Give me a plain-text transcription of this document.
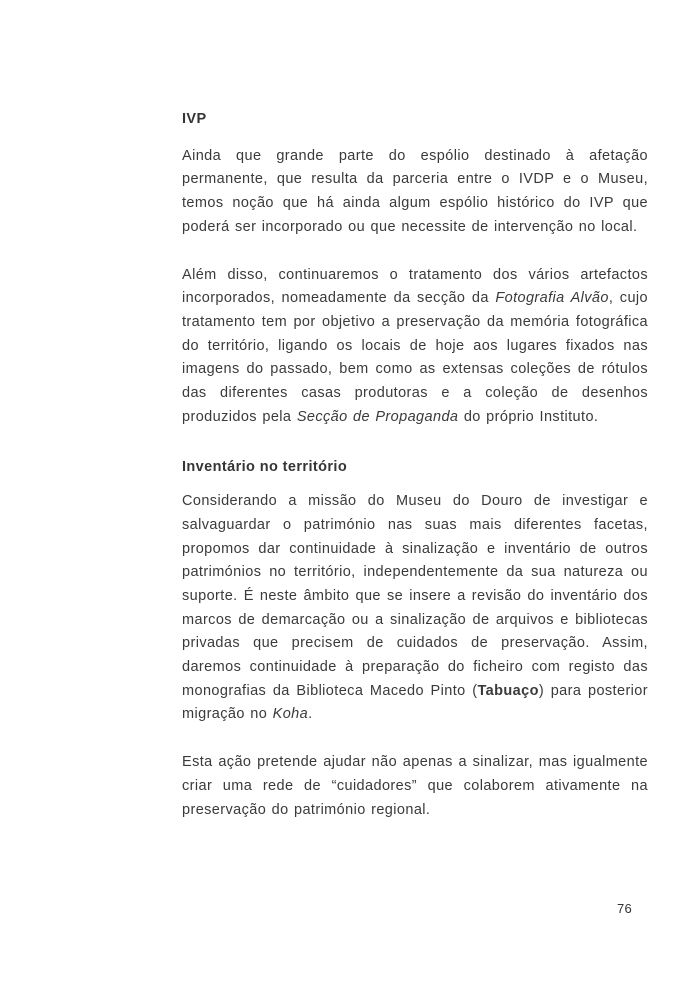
IVP

Ainda que grande parte do espólio destinado à afetação permanente, que resulta da parceria entre o IVDP e o Museu, temos noção que há ainda algum espólio histórico do IVP que poderá ser incorporado ou que necessite de intervenção no local.

Além disso, continuaremos o tratamento dos vários artefactos incorporados, nomeadamente da secção da Fotografia Alvão, cujo tratamento tem por objetivo a preservação da memória fotográfica do território, ligando os locais de hoje aos lugares fixados nas imagens do passado, bem como as extensas coleções de rótulos das diferentes casas produtoras e a coleção de desenhos produzidos pela Secção de Propaganda do próprio Instituto.

Inventário no território

Considerando a missão do Museu do Douro de investigar e salvaguardar o património nas suas mais diferentes facetas, propomos dar continuidade à sinalização e inventário de outros patrimónios no território, independentemente da sua natureza ou suporte. É neste âmbito que se insere a revisão do inventário dos marcos de demarcação ou a sinalização de arquivos e bibliotecas privadas que precisem de cuidados de preservação. Assim, daremos continuidade à preparação do ficheiro com registo das monografias da Biblioteca Macedo Pinto (Tabuaço) para posterior migração no Koha.

Esta ação pretende ajudar não apenas a sinalizar, mas igualmente criar uma rede de “cuidadores” que colaborem ativamente na preservação do património regional.

76
